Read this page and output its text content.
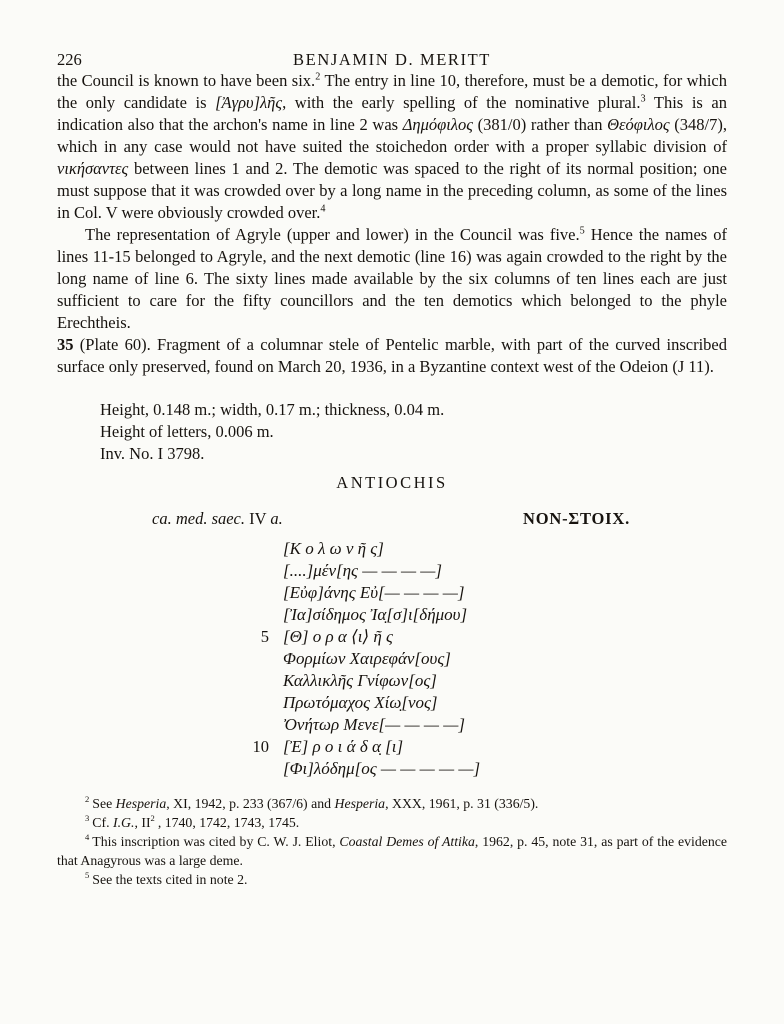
226	BENJAMIN D. MERITT

the Council is known to have been six.$^2$ The entry in line 10, therefore, must be a demotic, for which the only candidate is [Ἀγρυ]λῆς, with the early spelling of the nominative plural.$^3$ This is an indication also that the archon's name in line 2 was Δημόφιλος (381/0) rather than Θεόφιλος (348/7), which in any case would not have suited the stoichedon order with a proper syllabic division of νικήσαντες between lines 1 and 2. The demotic was spaced to the right of its normal position; one must suppose that it was crowded over by a long name in the preceding column, as some of the lines in Col. V were obviously crowded over.$^4$

The representation of Agryle (upper and lower) in the Council was five.$^5$ Hence the names of lines 11-15 belonged to Agryle, and the next demotic (line 16) was again crowded to the right by the long name of line 6. The sixty lines made available by the six columns of ten lines each are just sufficient to care for the fifty councillors and the ten demotics which belonged to the phyle Erechtheis.

35 (Plate 60). Fragment of a columnar stele of Pentelic marble, with part of the curved inscribed surface only preserved, found on March 20, 1936, in a Byzantine context west of the Odeion (J 11).

Height, 0.148 m.; width, 0.17 m.; thickness, 0.04 m.
Height of letters, 0.006 m.
Inv. No. I 3798.
ANTIOCHIS
ca. med. saec. IV a.	ΝΟΝ-ΣΤΟΙΧ.
[Κ ο λ ω ν ῆ ς]
[....]μέν[ης — — — —]
[Εὐφ]άνης Εὐ[— — — —]
[Ἰα]σίδημος Ἰα̣[σ]ι[δήμου]
5 [Θ] ο ρ α ⟨ι⟩ ῆ ς
Φορμίων Χαιρεφάν[ους]
Καλλικλῆς Γνίφων[ος]
Πρωτόμαχος Χίω̣[νος]
Ὀνήτωρ Μενε[— — — —]
10 [Ἐ] ρ ο ι ά δ α̣ [ι]
[Φι]λόδημ[ος — — — — —]

$^2$ See Hesperia, XI, 1942, p. 233 (367/6) and Hesperia, XXX, 1961, p. 31 (336/5).

$^3$ Cf. I.G., $II^2$ , 1740, 1742, 1743, 1745.

$^4$ This inscription was cited by C. W. J. Eliot, Coastal Demes of Attika, 1962, p. 45, note 31, as part of the evidence that Anagyrous was a large deme.

$^5$ See the texts cited in note 2.
